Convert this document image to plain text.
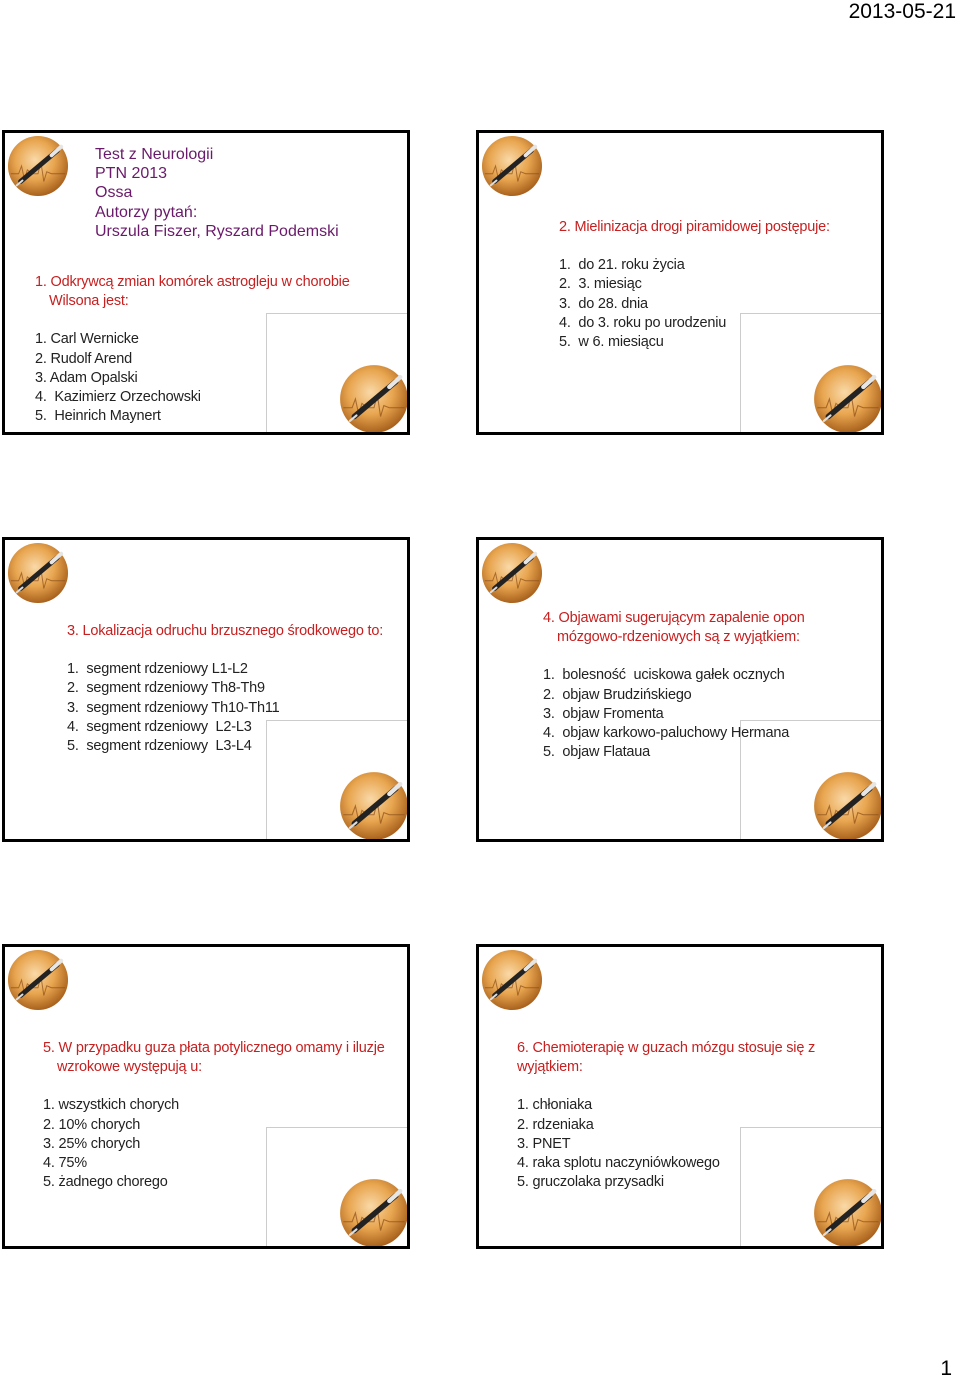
2013-05-21
Test z Neurologii
PTN 2013
Ossa
Autorzy pytań:
Urszula Fiszer, Ryszard Podemski
1. Odkrywcą zmian komórek astrogleju w chorobie
Wilsona jest:
1. Carl Wernicke
2. Rudolf Arend
3. Adam Opalski
4.  Kazimierz Orzechowski
5.  Heinrich Maynert
2. Mielinizacja drogi piramidowej postępuje:
1.  do 21. roku życia
2.  3. miesiąc
3.  do 28. dnia
4.  do 3. roku po urodzeniu
5.  w 6. miesiącu
3. Lokalizacja odruchu brzusznego środkowego to:
1.  segment rdzeniowy L1-L2
2.  segment rdzeniowy Th8-Th9
3.  segment rdzeniowy Th10-Th11
4.  segment rdzeniowy  L2-L3
5.  segment rdzeniowy  L3-L4
4. Objawami sugerującym zapalenie opon
mózgowo-rdzeniowych są z wyjątkiem:
1.  bolesność  uciskowa gałek ocznych
2.  objaw Brudzińskiego
3.  objaw Fromenta
4.  objaw karkowo-paluchowy Hermana
5.  objaw Flataua
5. W przypadku guza płata potylicznego omamy i iluzje
wzrokowe występują u:
1. wszystkich chorych
2. 10% chorych
3. 25% chorych
4. 75%
5. żadnego chorego
6. Chemioterapię w guzach mózgu stosuje się z wyjątkiem:
1. chłoniaka
2. rdzeniaka
3. PNET
4. raka splotu naczyniówkowego
5. gruczolaka przysadki
1
